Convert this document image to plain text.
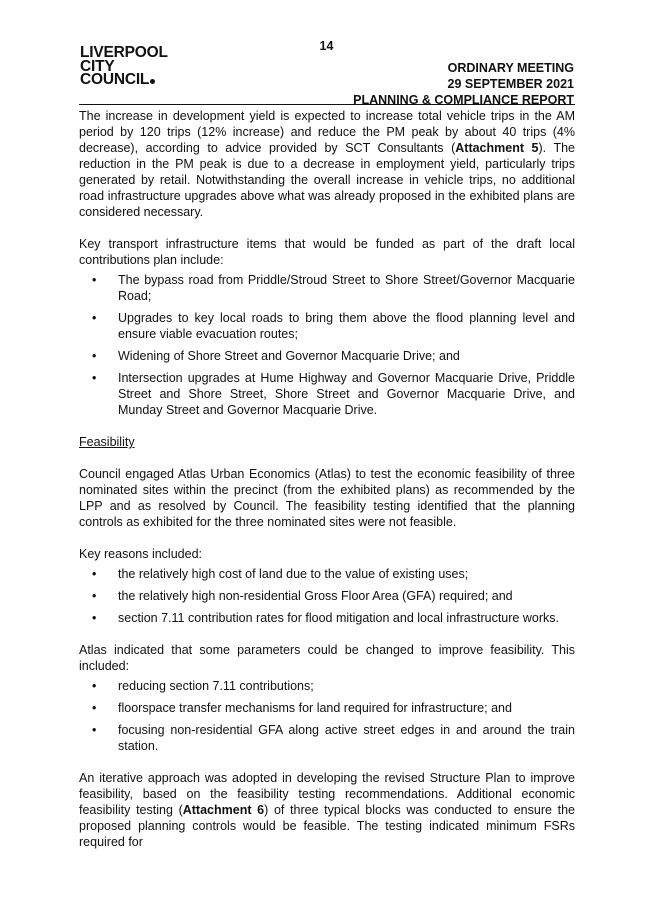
14
LIVERPOOL
CITY
COUNCIL
ORDINARY MEETING
29 SEPTEMBER 2021
PLANNING & COMPLIANCE REPORT

The increase in development yield is expected to increase total vehicle trips in the AM period by 120 trips (12% increase) and reduce the PM peak by about 40 trips (4% decrease), according to advice provided by SCT Consultants (Attachment 5). The reduction in the PM peak is due to a decrease in employment yield, particularly trips generated by retail. Notwithstanding the overall increase in vehicle trips, no additional road infrastructure upgrades above what was already proposed in the exhibited plans are considered necessary.

Key transport infrastructure items that would be funded as part of the draft local contributions plan include:

• The bypass road from Priddle/Stroud Street to Shore Street/Governor Macquarie Road;
• Upgrades to key local roads to bring them above the flood planning level and ensure viable evacuation routes;
• Widening of Shore Street and Governor Macquarie Drive; and
• Intersection upgrades at Hume Highway and Governor Macquarie Drive, Priddle Street and Shore Street, Shore Street and Governor Macquarie Drive, and Munday Street and Governor Macquarie Drive.
Feasibility

Council engaged Atlas Urban Economics (Atlas) to test the economic feasibility of three nominated sites within the precinct (from the exhibited plans) as recommended by the LPP and as resolved by Council. The feasibility testing identified that the planning controls as exhibited for the three nominated sites were not feasible.

Key reasons included:

• the relatively high cost of land due to the value of existing uses;
• the relatively high non-residential Gross Floor Area (GFA) required; and
• section 7.11 contribution rates for flood mitigation and local infrastructure works.

Atlas indicated that some parameters could be changed to improve feasibility. This included:

• reducing section 7.11 contributions;
• floorspace transfer mechanisms for land required for infrastructure; and
• focusing non-residential GFA along active street edges in and around the train station.

An iterative approach was adopted in developing the revised Structure Plan to improve feasibility, based on the feasibility testing recommendations. Additional economic feasibility testing (Attachment 6) of three typical blocks was conducted to ensure the proposed planning controls would be feasible. The testing indicated minimum FSRs required for
